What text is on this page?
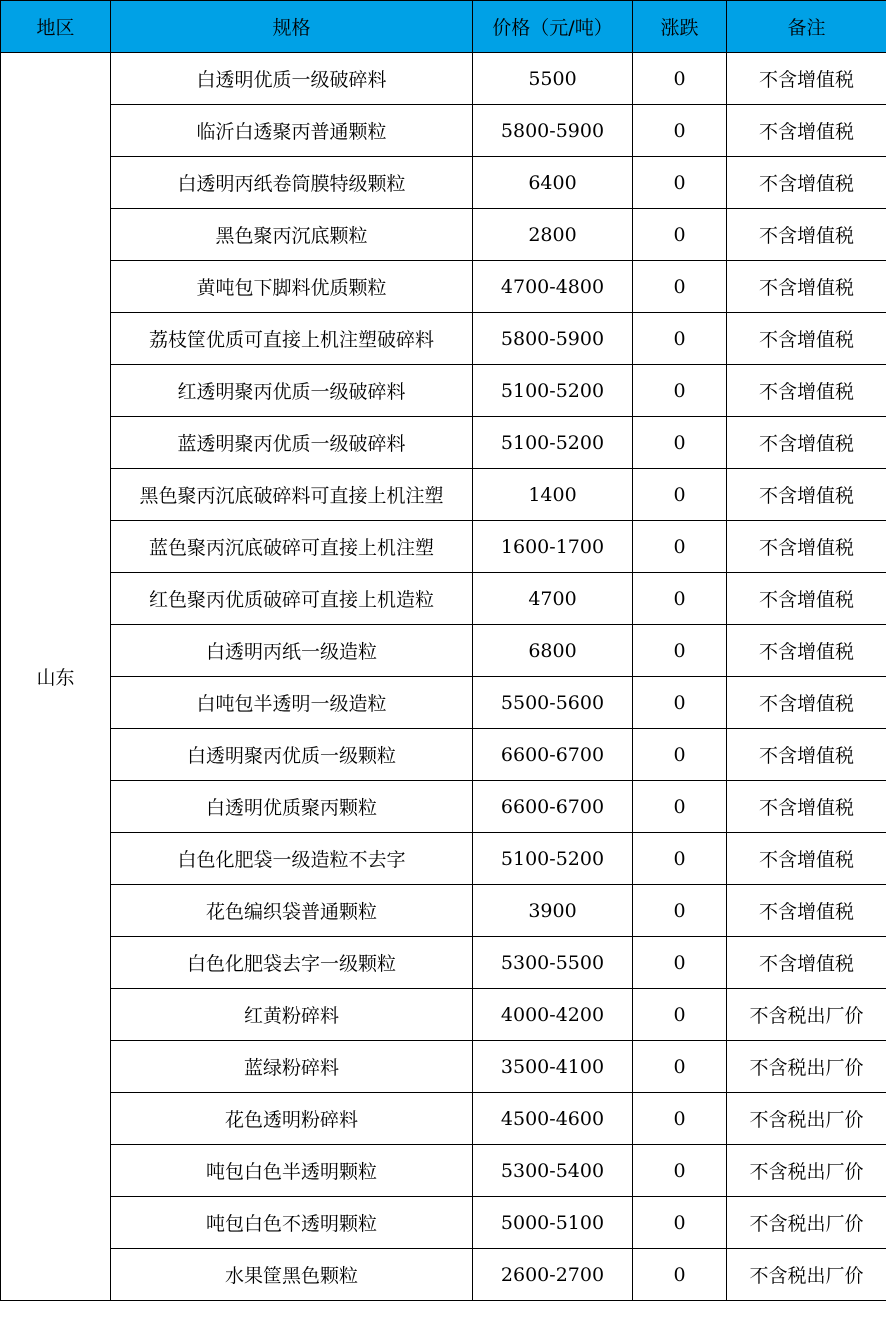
地区	规格	价格（元/吨）	涨跌	备注
山东	白透明优质一级破碎料	5500	0	不含增值税
	临沂白透聚丙普通颗粒	5800-5900	0	不含增值税
	白透明丙纸卷筒膜特级颗粒	6400	0	不含增值税
	黑色聚丙沉底颗粒	2800	0	不含增值税
	黄吨包下脚料优质颗粒	4700-4800	0	不含增值税
	荔枝筐优质可直接上机注塑破碎料	5800-5900	0	不含增值税
	红透明聚丙优质一级破碎料	5100-5200	0	不含增值税
	蓝透明聚丙优质一级破碎料	5100-5200	0	不含增值税
	黑色聚丙沉底破碎料可直接上机注塑	1400	0	不含增值税
	蓝色聚丙沉底破碎可直接上机注塑	1600-1700	0	不含增值税
	红色聚丙优质破碎可直接上机造粒	4700	0	不含增值税
	白透明丙纸一级造粒	6800	0	不含增值税
	白吨包半透明一级造粒	5500-5600	0	不含增值税
	白透明聚丙优质一级颗粒	6600-6700	0	不含增值税
	白透明优质聚丙颗粒	6600-6700	0	不含增值税
	白色化肥袋一级造粒不去字	5100-5200	0	不含增值税
	花色编织袋普通颗粒	3900	0	不含增值税
	白色化肥袋去字一级颗粒	5300-5500	0	不含增值税
	红黄粉碎料	4000-4200	0	不含税出厂价
	蓝绿粉碎料	3500-4100	0	不含税出厂价
	花色透明粉碎料	4500-4600	0	不含税出厂价
	吨包白色半透明颗粒	5300-5400	0	不含税出厂价
	吨包白色不透明颗粒	5000-5100	0	不含税出厂价
	水果筐黑色颗粒	2600-2700	0	不含税出厂价
